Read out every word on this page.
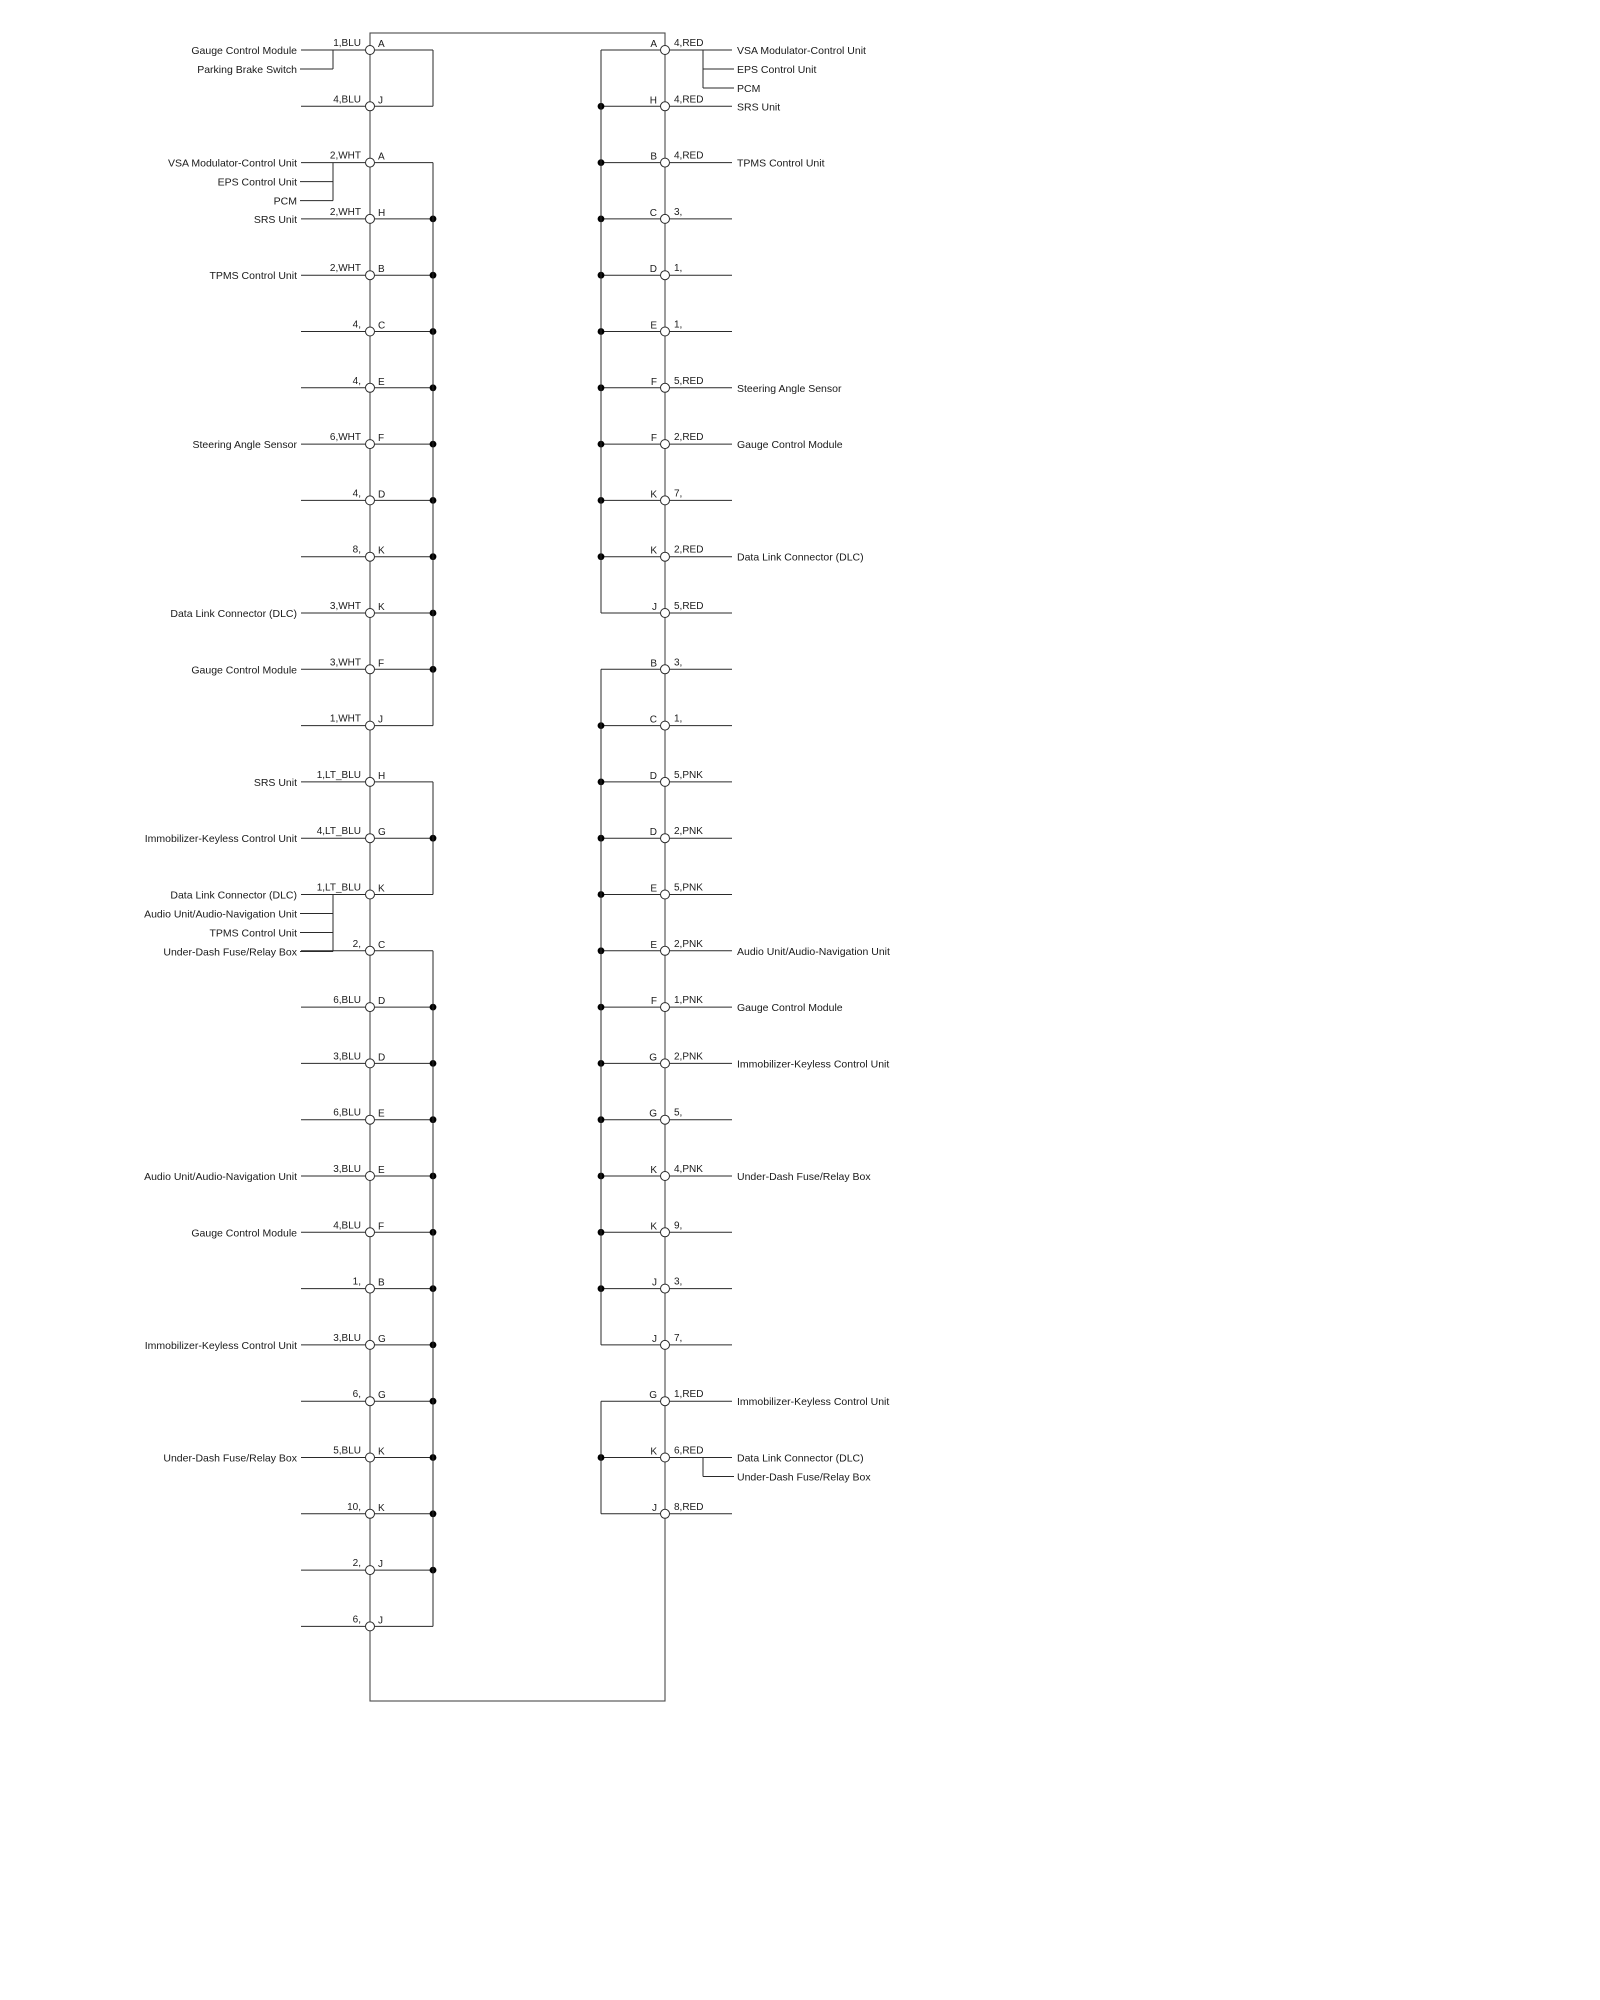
1,BLU A
Gauge Control Module
Parking Brake Switch
4,BLU J
2,WHT A
VSA Modulator-Control Unit
EPS Control Unit
PCM
2,WHT H
SRS Unit
2,WHT B
TPMS Control Unit
4, C
4, E
6,WHT F
Steering Angle Sensor
4, D
8, K
3,WHT K
Data Link Connector (DLC)
3,WHT F
Gauge Control Module
1,WHT J
1,LT_BLU H
SRS Unit
4,LT_BLU G
Immobilizer-Keyless Control Unit
1,LT_BLU K
Data Link Connector (DLC)
Audio Unit/Audio-Navigation Unit
TPMS Control Unit
Under-Dash Fuse/Relay Box
2, C
6,BLU D
3,BLU D
6,BLU E
3,BLU E
Audio Unit/Audio-Navigation Unit
4,BLU F
Gauge Control Module
1, B
3,BLU G
Immobilizer-Keyless Control Unit
6, G
5,BLU K
Under-Dash Fuse/Relay Box
10, K
2, J
6, J
A 4,RED
VSA Modulator-Control Unit
EPS Control Unit
PCM
H 4,RED
SRS Unit
B 4,RED
TPMS Control Unit
C 3,
D 1,
E 1,
F 5,RED
Steering Angle Sensor
F 2,RED
Gauge Control Module
K 7,
K 2,RED
Data Link Connector (DLC)
J 5,RED
B 3,
C 1,
D 5,PNK
D 2,PNK
E 5,PNK
E 2,PNK
Audio Unit/Audio-Navigation Unit
F 1,PNK
Gauge Control Module
G 2,PNK
Immobilizer-Keyless Control Unit
G 5,
K 4,PNK
Under-Dash Fuse/Relay Box
K 9,
J 3,
J 7,
G 1,RED
Immobilizer-Keyless Control Unit
K 6,RED
Data Link Connector (DLC)
Under-Dash Fuse/Relay Box
J 8,RED
